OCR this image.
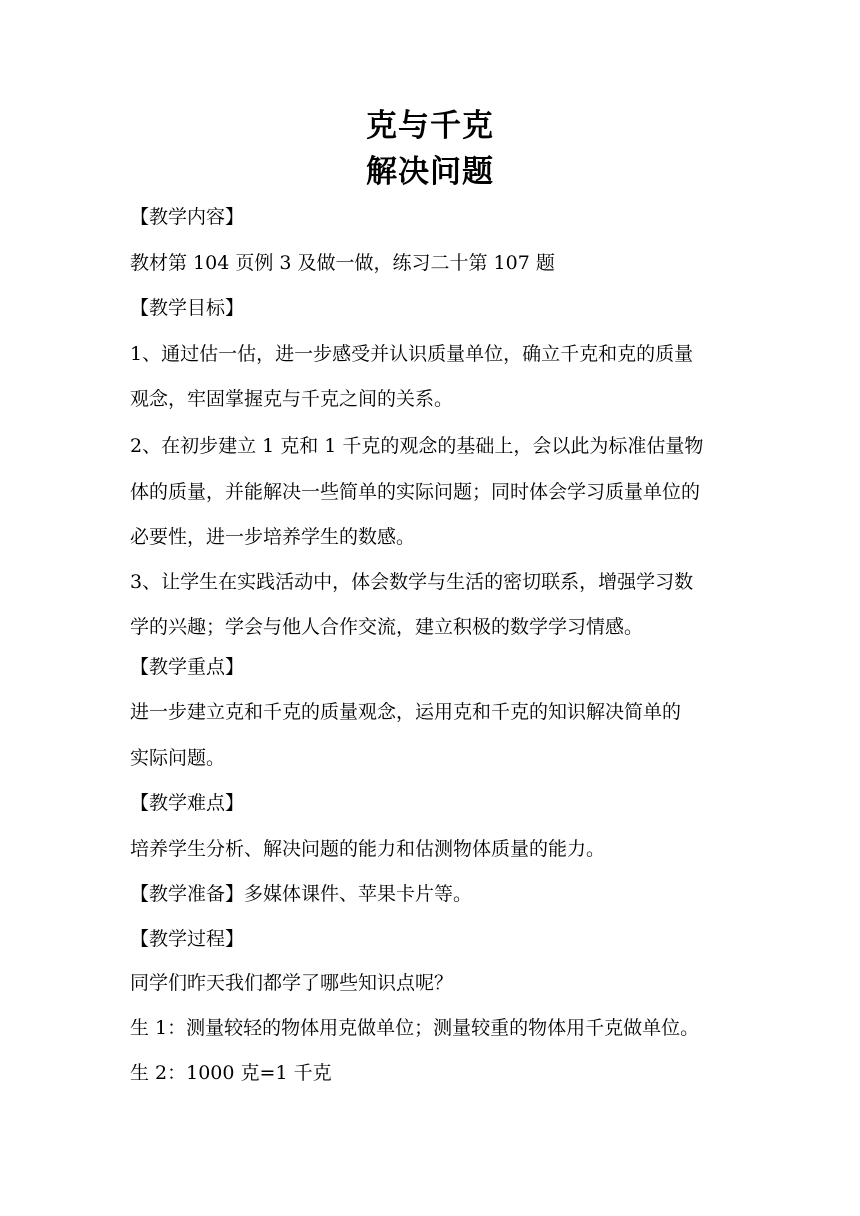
克与千克
解决问题
【教学内容】
教材第 104 页例 3 及做一做，练习二十第 107 题
【教学目标】
1、通过估一估，进一步感受并认识质量单位，确立千克和克的质量
观念，牢固掌握克与千克之间的关系。
2、在初步建立 1 克和 1 千克的观念的基础上，会以此为标准估量物
体的质量，并能解决一些简单的实际问题；同时体会学习质量单位的
必要性，进一步培养学生的数感。
3、让学生在实践活动中，体会数学与生活的密切联系，增强学习数
学的兴趣；学会与他人合作交流，建立积极的数学学习情感。
【教学重点】
进一步建立克和千克的质量观念，运用克和千克的知识解决简单的
实际问题。
【教学难点】
培养学生分析、解决问题的能力和估测物体质量的能力。
【教学准备】多媒体课件、苹果卡片等。
【教学过程】
同学们昨天我们都学了哪些知识点呢？
生 1：测量较轻的物体用克做单位；测量较重的物体用千克做单位。
生 2：1000 克=1 千克
